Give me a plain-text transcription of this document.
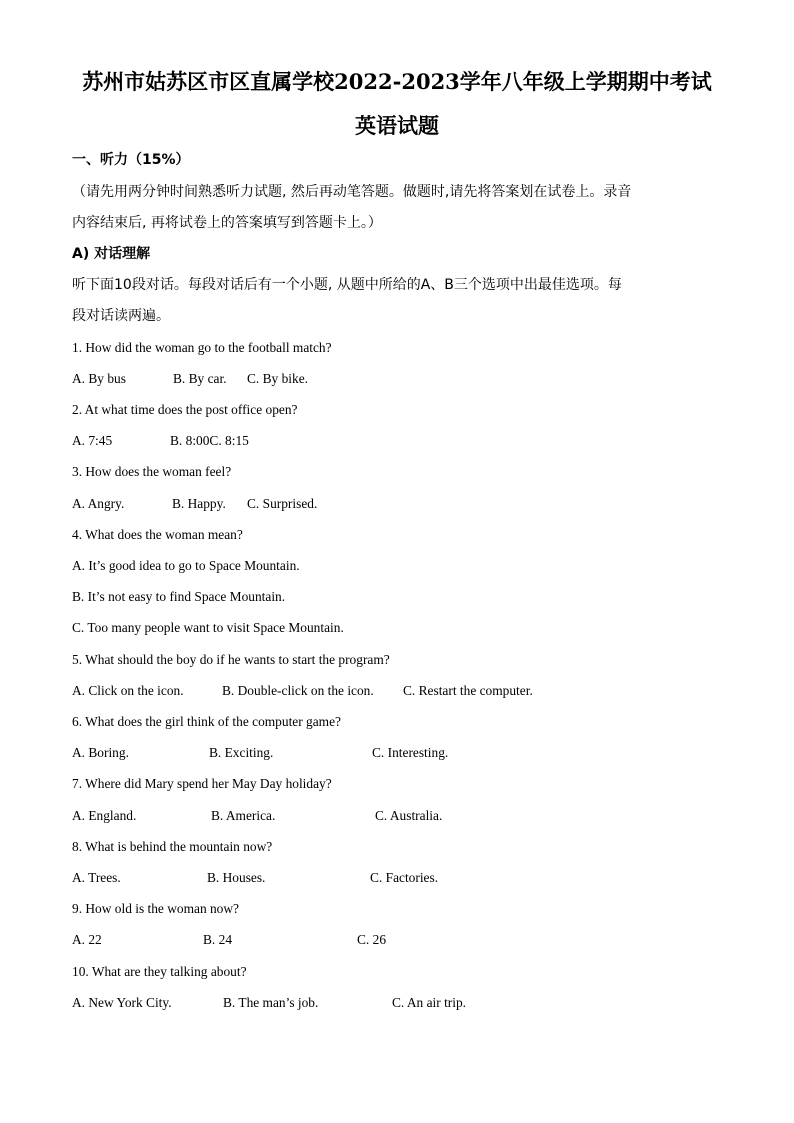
苏州市姑苏区市区直属学校2022-2023学年八年级上学期期中考试
英语试题
一、听力（15%）
（请先用两分钟时间熟悉听力试题, 然后再动笔答题。做题时,请先将答案划在试卷上。录音
内容结束后, 再将试卷上的答案填写到答题卡上。）
A) 对话理解
听下面10段对话。每段对话后有一个小题, 从题中所给的A、B三个选项中出最佳选项。每
段对话读两遍。
1. How did the woman go to the football match?
A. By bus	B. By car. C. By bike.
2. At what time does the post office open?
A. 7:45	B. 8:00C. 8:15
3. How does the woman feel?
A. Angry.	B. Happy. C. Surprised.
4. What does the woman mean?
A. It’s good idea to go to Space Mountain.
B. It’s not easy to find Space Mountain.
C. Too many people want to visit Space Mountain.
5. What should the boy do if he wants to start the program?
A. Click on the icon.	B. Double-click on the icon. C. Restart the computer.
6. What does the girl think of the computer game?
A. Boring.	B. Exciting.	C. Interesting.
7. Where did Mary spend her May Day holiday?
A. England.	B. America.	C. Australia.
8. What is behind the mountain now?
A. Trees.	B. Houses.	C. Factories.
9. How old is the woman now?
A. 22	B. 24	C. 26
10. What are they talking about?
A. New York City.	B. The man’s job.	C. An air trip.
